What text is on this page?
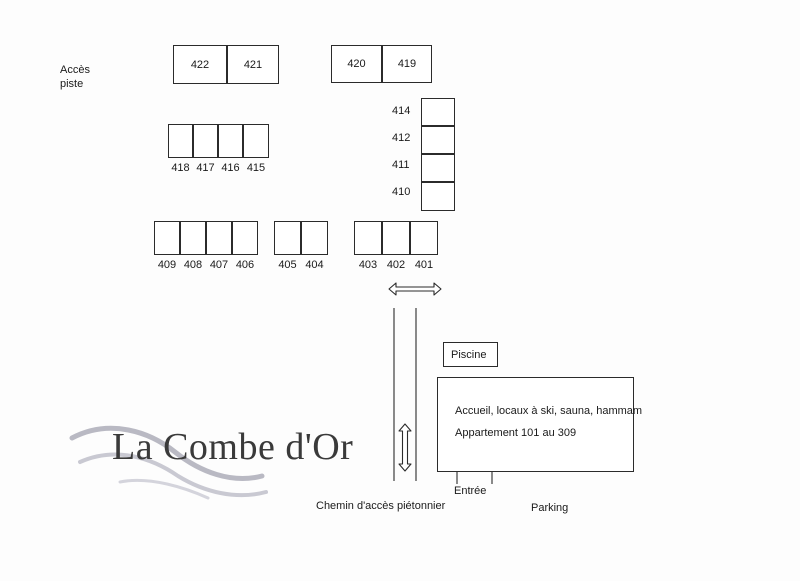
Accès
piste
422	421	420	419
418 417 416 415
414
412
411
410
409 408 407 406	405 404	403 402 401
Piscine
Accueil, locaux à ski, sauna, hammam
Appartement 101 au 309
La Combe d'Or
Entrée
Parking
Chemin d'accès piétonnier
